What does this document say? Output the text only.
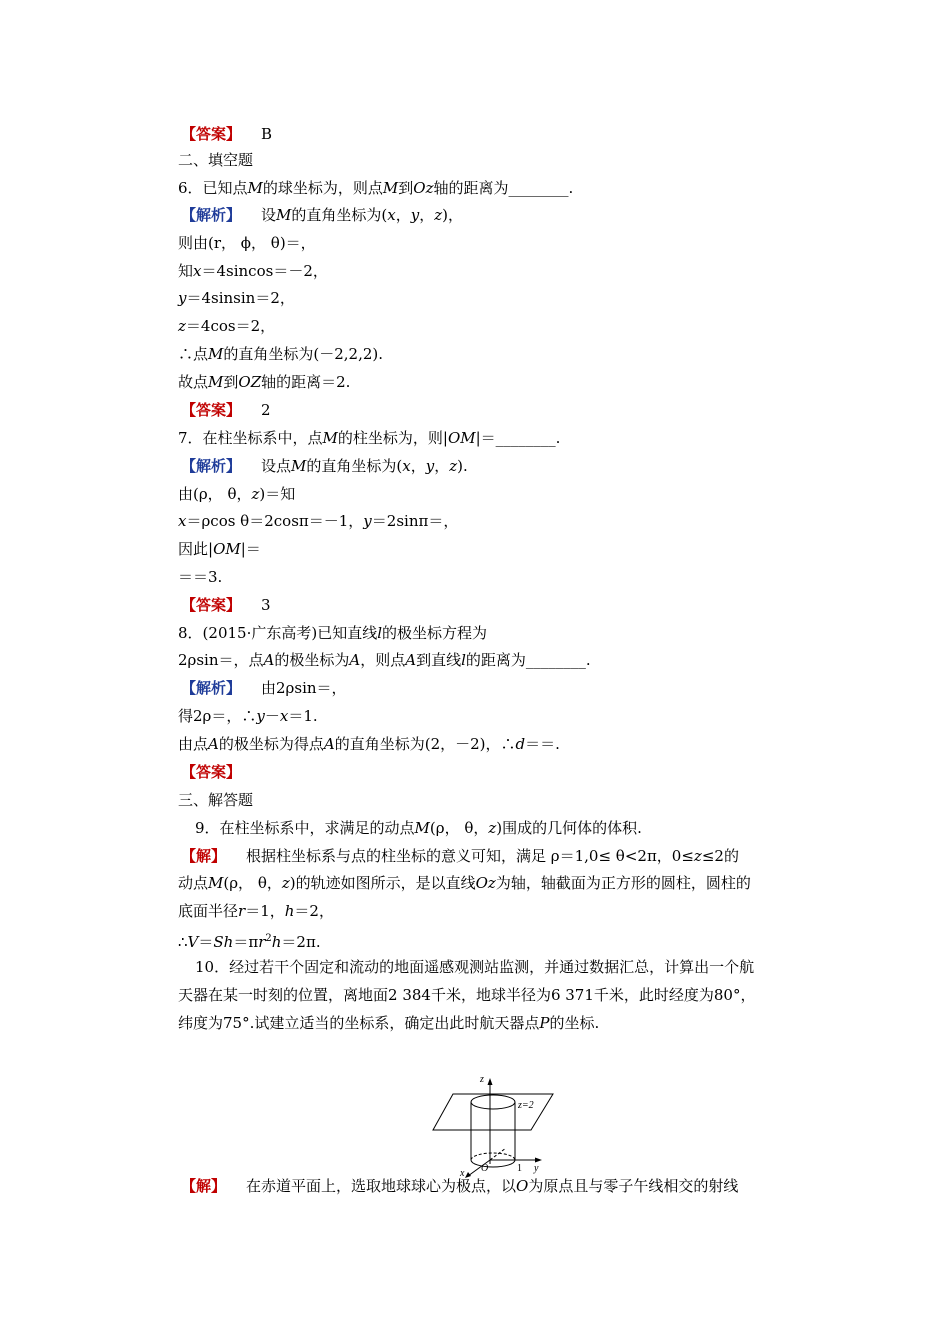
【答案】 B
二、填空题
6．已知点M的球坐标为，则点M到Oz轴的距离为________.
【解析】 设M的直角坐标为(x，y，z)，
则由(r， ϕ， θ)＝，
知x＝4sincos＝－2，
y＝4sinsin＝2，
z＝4cos＝2，
∴点M的直角坐标为(－2,2,2).
故点M到OZ轴的距离＝2.
【答案】 2
7．在柱坐标系中，点M的柱坐标为，则|OM|＝________.
【解析】 设点M的直角坐标为(x，y，z).
由(ρ， θ，z)＝知
x＝ρcos θ＝2cosπ＝－1，y＝2sinπ＝，
因此|OM|＝
＝＝3.
【答案】 3
8．(2015·广东高考)已知直线l的极坐标方程为
2ρsin＝，点A的极坐标为A，则点A到直线l的距离为________.
【解析】 由2ρsin＝，
得2ρ＝，∴y－x＝1.
由点A的极坐标为得点A的直角坐标为(2，－2)，∴d＝＝.
【答案】
三、解答题
9．在柱坐标系中，求满足的动点M(ρ， θ，z)围成的几何体的体积.
【解】 根据柱坐标系与点的柱坐标的意义可知，满足 ρ＝1,0≤ θ<2π，0≤z≤2的
动点M(ρ， θ，z)的轨迹如图所示，是以直线Oz为轴，轴截面为正方形的圆柱，圆柱的
底面半径r＝1，h＝2，
$\therefore V=Sh=\pi r^2h=2\pi$.
10．经过若干个固定和流动的地面遥感观测站监测，并通过数据汇总，计算出一个航
天器在某一时刻的位置，离地面2 384千米，地球半径为6 371千米，此时经度为80°，
纬度为75°.试建立适当的坐标系，确定出此时航天器点P的坐标.
z
z=2
O	1 y
x
【解】 在赤道平面上，选取地球球心为极点，以O为原点且与零子午线相交的射线
